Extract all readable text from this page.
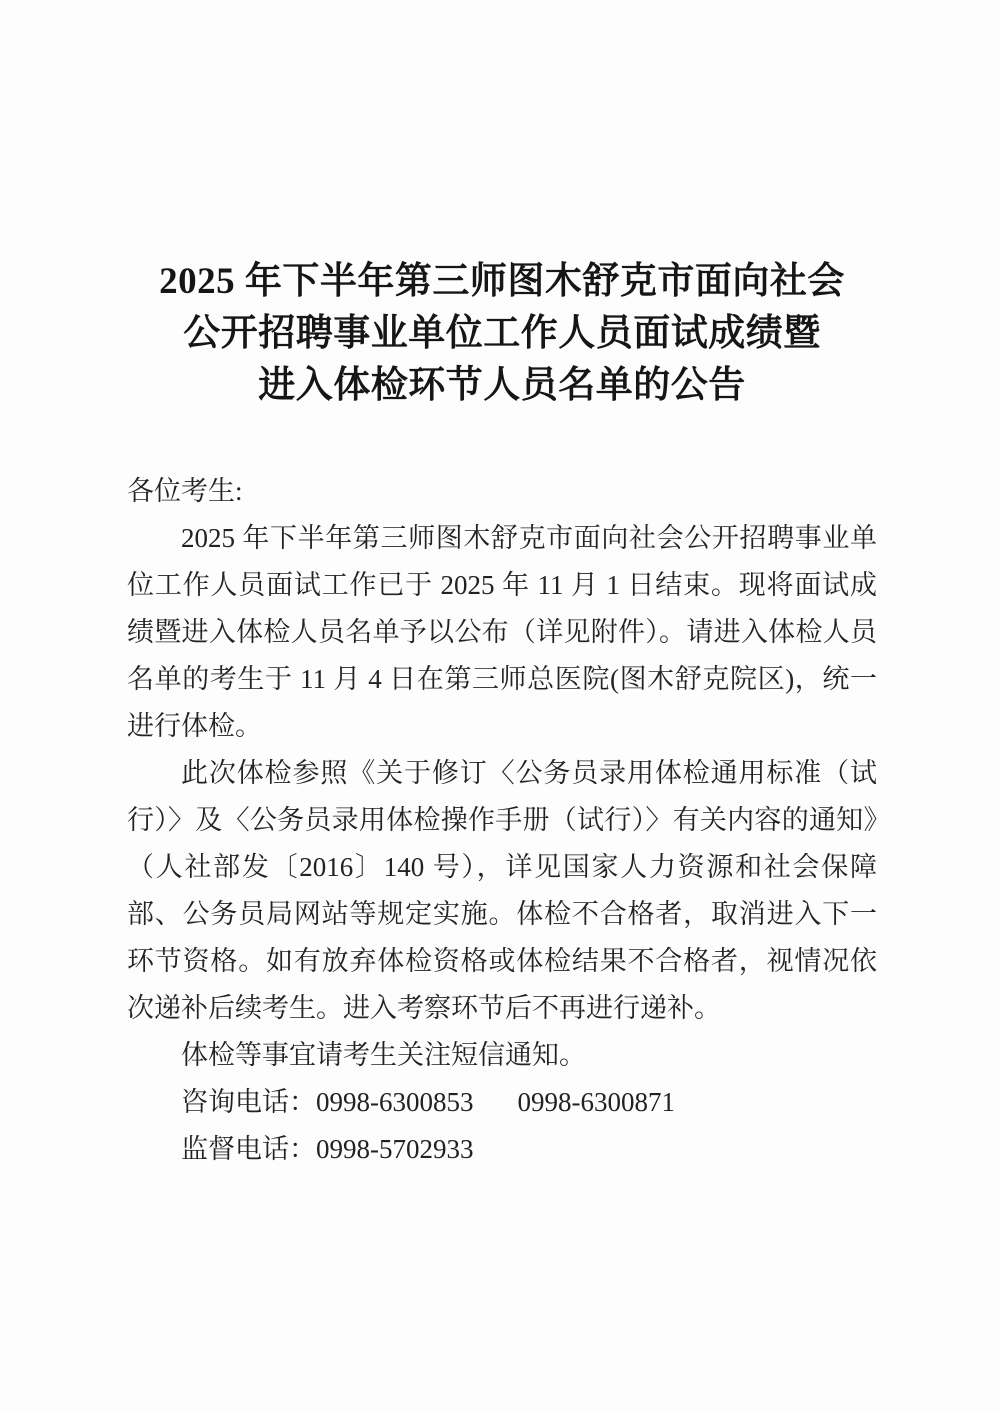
2025 年下半年第三师图木舒克市面向社会
公开招聘事业单位工作人员面试成绩暨
进入体检环节人员名单的公告

各位考生:

2025 年下半年第三师图木舒克市面向社会公开招聘事业单位工作人员面试工作已于 2025 年 11 月 1 日结束。现将面试成绩暨进入体检人员名单予以公布（详见附件）。请进入体检人员名单的考生于 11 月 4 日在第三师总医院(图木舒克院区)，统一进行体检。

此次体检参照《关于修订〈公务员录用体检通用标准（试行）〉及〈公务员录用体检操作手册（试行）〉有关内容的通知》（人社部发〔2016〕140 号），详见国家人力资源和社会保障部、公务员局网站等规定实施。体检不合格者，取消进入下一环节资格。如有放弃体检资格或体检结果不合格者，视情况依次递补后续考生。进入考察环节后不再进行递补。

体检等事宜请考生关注短信通知。

咨询电话：0998-6300853 0998-6300871

监督电话：0998-5702933
